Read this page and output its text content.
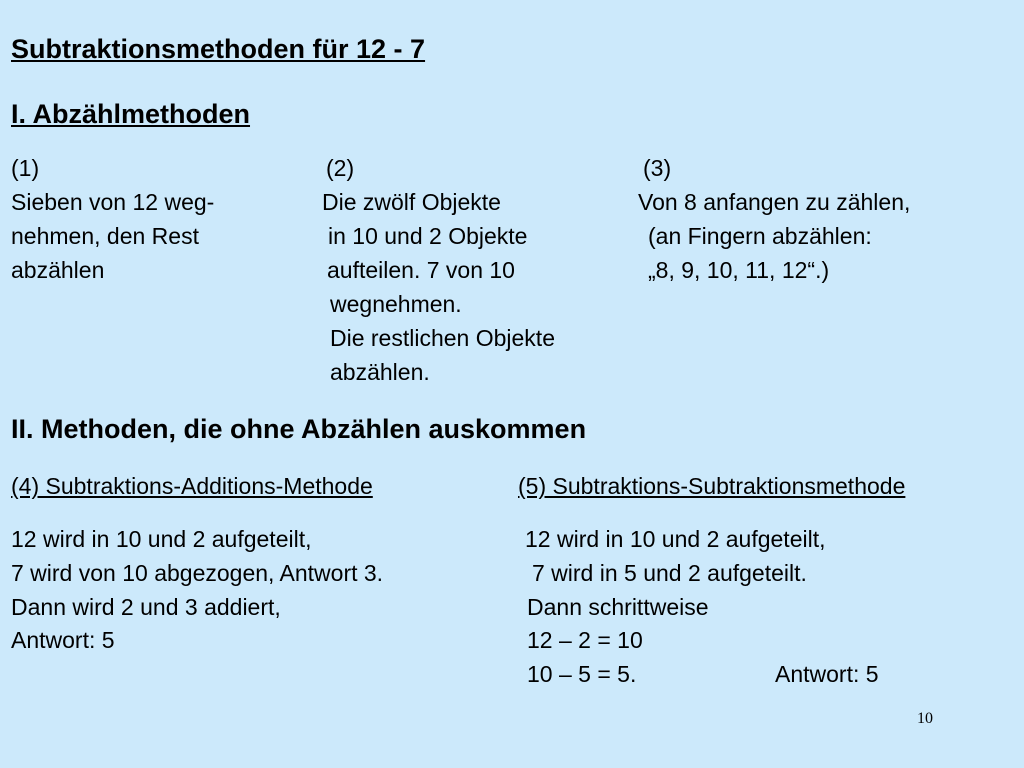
Subtraktionsmethoden für 12 - 7
I. Abzählmethoden
(1)
Sieben von 12 weg-
nehmen, den Rest
abzählen
(2)
Die zwölf Objekte
in 10 und 2 Objekte
aufteilen. 7 von 10
wegnehmen.
Die restlichen Objekte
abzählen.
(3)
Von 8 anfangen zu zählen,
(an Fingern abzählen:
„8, 9, 10, 11, 12“.)
II. Methoden, die ohne Abzählen auskommen
(4) Subtraktions-Additions-Methode
12 wird in 10 und 2 aufgeteilt,
7 wird von 10 abgezogen, Antwort 3.
Dann wird 2 und 3 addiert,
Antwort: 5
(5) Subtraktions-Subtraktionsmethode
12 wird in 10 und 2 aufgeteilt,
7 wird in 5 und 2 aufgeteilt.
Dann schrittweise
12 – 2 = 10
10 – 5 = 5.	Antwort: 5
10
